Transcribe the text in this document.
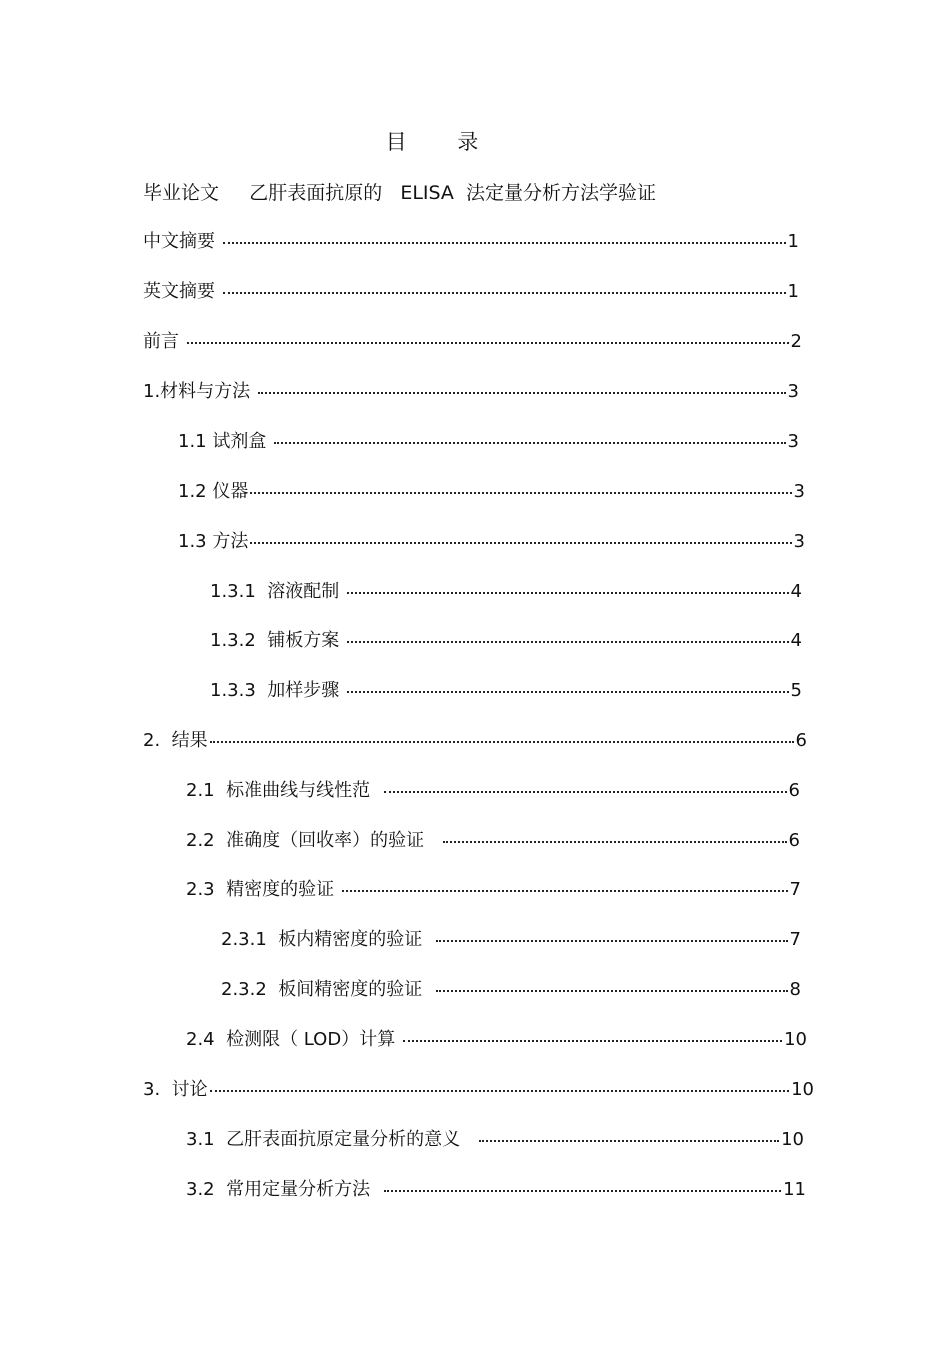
目 录
毕业论文     乙肝表面抗原的   ELISA  法定量分析方法学验证
中文摘要	1
英文摘要	1
前言	2
1.材料与方法	3
1.1 试剂盒	3
1.2 仪器	3
1.3 方法	3
1.3.1  溶液配制	4
1.3.2  铺板方案	4
1.3.3  加样步骤	5
2.  结果	6
2.1  标准曲线与线性范	6
2.2  准确度（回收率）的验证	6
2.3  精密度的验证	7
2.3.1  板内精密度的验证	7
2.3.2  板间精密度的验证	8
2.4  检测限（ LOD）计算	10
3.  讨论	10
3.1  乙肝表面抗原定量分析的意义	10
3.2  常用定量分析方法	11
